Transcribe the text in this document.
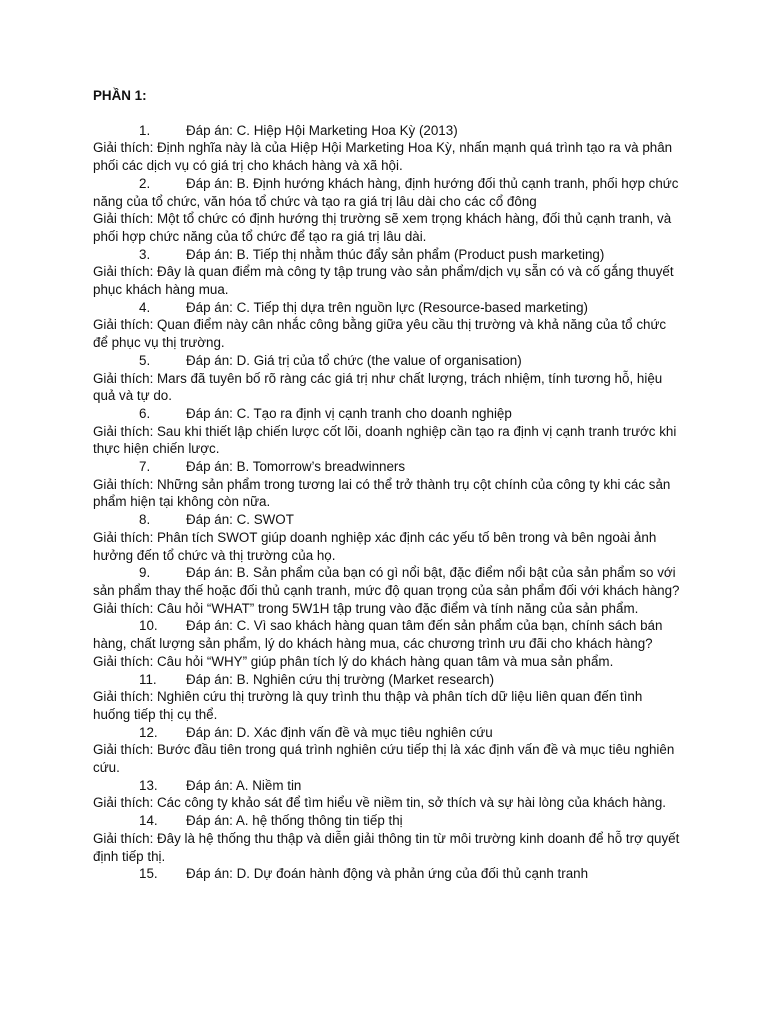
PHẦN 1:

1.	Đáp án: C. Hiệp Hội Marketing Hoa Kỳ (2013)

Giải thích: Định nghĩa này là của Hiệp Hội Marketing Hoa Kỳ, nhấn mạnh quá trình tạo ra và phân phối các dịch vụ có giá trị cho khách hàng và xã hội.

2.	Đáp án: B. Định hướng khách hàng, định hướng đối thủ cạnh tranh, phối hợp chức năng của tổ chức, văn hóa tổ chức và tạo ra giá trị lâu dài cho các cổ đông

Giải thích: Một tổ chức có định hướng thị trường sẽ xem trọng khách hàng, đối thủ cạnh tranh, và phối hợp chức năng của tổ chức để tạo ra giá trị lâu dài.

3.	Đáp án: B. Tiếp thị nhằm thúc đẩy sản phẩm (Product push marketing)

Giải thích: Đây là quan điểm mà công ty tập trung vào sản phẩm/dịch vụ sẵn có và cố gắng thuyết phục khách hàng mua.

4.	Đáp án: C. Tiếp thị dựa trên nguồn lực (Resource-based marketing)

Giải thích: Quan điểm này cân nhắc công bằng giữa yêu cầu thị trường và khả năng của tổ chức để phục vụ thị trường.

5.	Đáp án: D. Giá trị của tổ chức (the value of organisation)

Giải thích: Mars đã tuyên bố rõ ràng các giá trị như chất lượng, trách nhiệm, tính tương hỗ, hiệu quả và tự do.

6.	Đáp án: C. Tạo ra định vị cạnh tranh cho doanh nghiệp

Giải thích: Sau khi thiết lập chiến lược cốt lõi, doanh nghiệp cần tạo ra định vị cạnh tranh trước khi thực hiện chiến lược.

7.	Đáp án: B. Tomorrow’s breadwinners

Giải thích: Những sản phẩm trong tương lai có thể trở thành trụ cột chính của công ty khi các sản phẩm hiện tại không còn nữa.

8.	Đáp án: C. SWOT

Giải thích: Phân tích SWOT giúp doanh nghiệp xác định các yếu tố bên trong và bên ngoài ảnh hưởng đến tổ chức và thị trường của họ.

9.	Đáp án: B. Sản phẩm của bạn có gì nổi bật, đặc điểm nổi bật của sản phẩm so với sản phẩm thay thế hoặc đối thủ cạnh tranh, mức độ quan trọng của sản phẩm đối với khách hàng?

Giải thích: Câu hỏi “WHAT” trong 5W1H tập trung vào đặc điểm và tính năng của sản phẩm.

10. Đáp án: C. Vì sao khách hàng quan tâm đến sản phẩm của bạn, chính sách bán hàng, chất lượng sản phẩm, lý do khách hàng mua, các chương trình ưu đãi cho khách hàng?

Giải thích: Câu hỏi “WHY” giúp phân tích lý do khách hàng quan tâm và mua sản phẩm.

11. Đáp án: B. Nghiên cứu thị trường (Market research)

Giải thích: Nghiên cứu thị trường là quy trình thu thập và phân tích dữ liệu liên quan đến tình huống tiếp thị cụ thể.

12. Đáp án: D. Xác định vấn đề và mục tiêu nghiên cứu

Giải thích: Bước đầu tiên trong quá trình nghiên cứu tiếp thị là xác định vấn đề và mục tiêu nghiên cứu.

13. Đáp án: A. Niềm tin

Giải thích: Các công ty khảo sát để tìm hiểu về niềm tin, sở thích và sự hài lòng của khách hàng.

14. Đáp án: A. hệ thống thông tin tiếp thị

Giải thích: Đây là hệ thống thu thập và diễn giải thông tin từ môi trường kinh doanh để hỗ trợ quyết định tiếp thị.

15. Đáp án: D. Dự đoán hành động và phản ứng của đối thủ cạnh tranh
